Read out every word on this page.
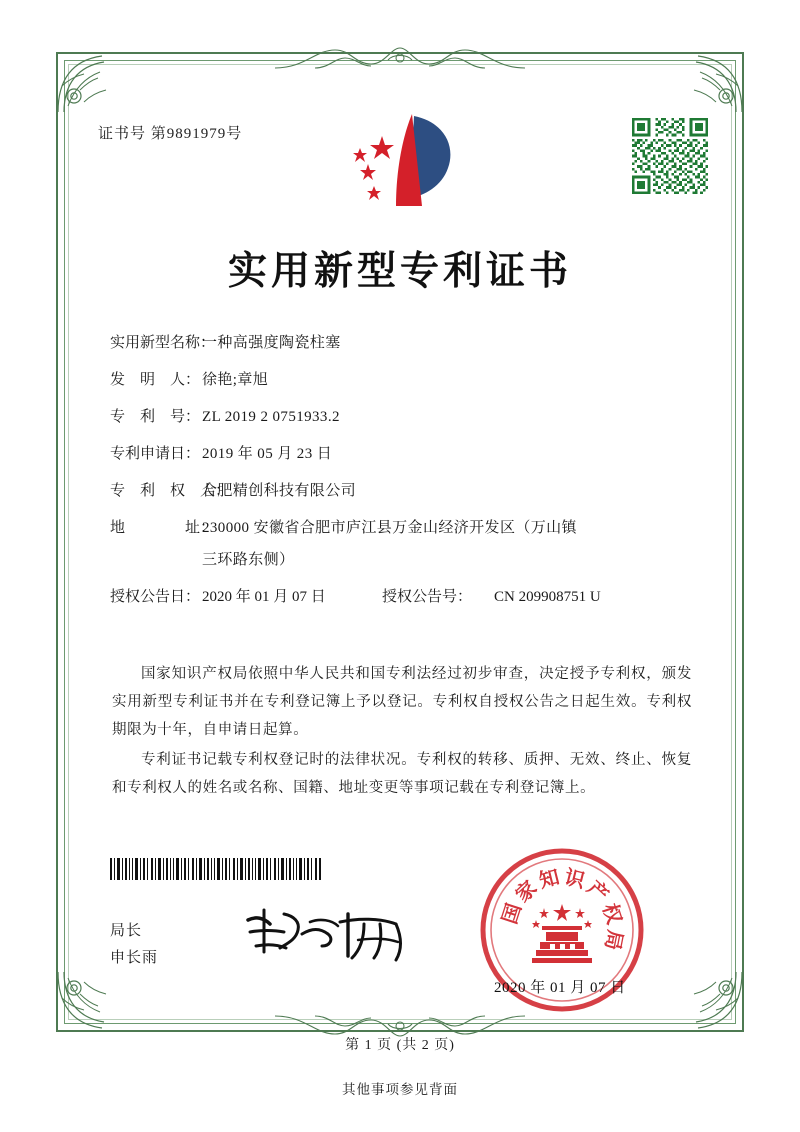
证书号 第9891979号
实用新型专利证书
实用新型名称：
一种高强度陶瓷柱塞
发　明　人： 徐艳;章旭
专　利　号： ZL 2019 2 0751933.2
专利申请日： 2019 年 05 月 23 日
专　利　权　人：
合肥精创科技有限公司
地　　　　址：
230000 安徽省合肥市庐江县万金山经济开发区（万山镇
三环路东侧）
授权公告日： 2020 年 01 月 07 日	授权公告号：	CN 209908751 U

国家知识产权局依照中华人民共和国专利法经过初步审查，决定授予专利权，颁发实用新型专利证书并在专利登记簿上予以登记。专利权自授权公告之日起生效。专利权期限为十年，自申请日起算。

专利证书记载专利权登记时的法律状况。专利权的转移、质押、无效、终止、恢复和专利权人的姓名或名称、国籍、地址变更等事项记载在专利登记簿上。

局长
申长雨
国
家
知 识
产
权
局
2020 年 01 月 07 日
第 1 页 (共 2 页)
其他事项参见背面
